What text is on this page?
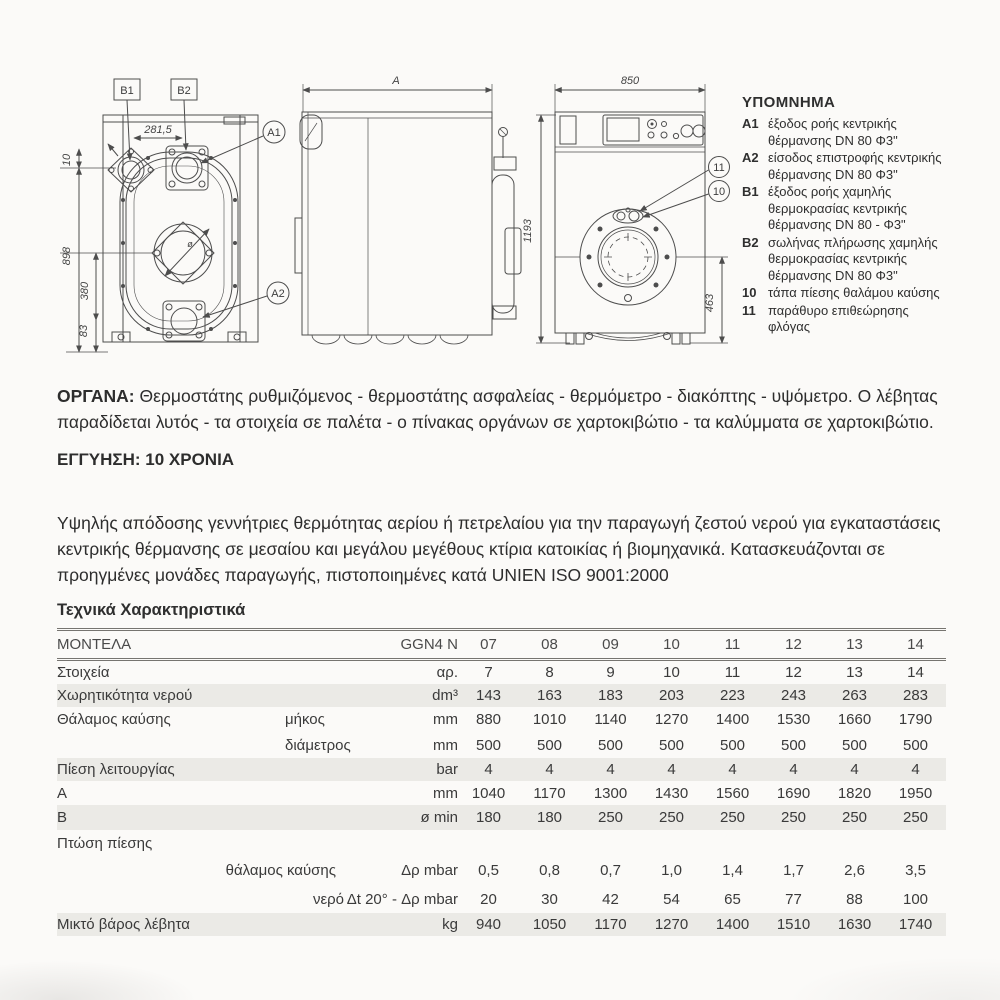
B1	B2
A1
A2
11
10
281,5
ø
10
898
380
83
A
1193
850
463
ΥΠΟΜΝΗΜΑ
A1 έξοδος ροής κεντρικής θέρμανσης DN 80 Φ3"
A2 είσοδος επιστροφής κεντρικής θέρμανσης DN 80 Φ3"
B1 έξοδος ροής χαμηλής θερμοκρασίας κεντρικής θέρμανσης DN 80 - Φ3"
B2 σωλήνας πλήρωσης χαμηλής θερμοκρασίας κεντρικής θέρμανσης DN 80 Φ3"
10 τάπα πίεσης θαλάμου καύσης
11 παράθυρο επιθεώρησης φλόγας

ΟΡΓΑΝΑ: Θερμοστάτης ρυθμιζόμενος - θερμοστάτης ασφαλείας - θερμόμετρο - διακόπτης - υψόμετρο. Ο λέβητας παραδίδεται λυτός - τα στοιχεία σε παλέτα - ο πίνακας οργάνων σε χαρτοκιβώτιο - τα καλύμματα σε χαρτοκιβώτιο.

ΕΓΓΥΗΣΗ: 10 ΧΡΟΝΙΑ

Υψηλής απόδοσης γεννήτριες θερμότητας αερίου ή πετρελαίου για την παραγωγή ζεστού νερού για εγκαταστάσεις κεντρικής θέρμανσης σε μεσαίου και μεγάλου μεγέθους κτίρια κατοικίας ή βιομηχανικά. Κατασκευάζονται σε προηγμένες μονάδες παραγωγής, πιστοποιημένες κατά UNIEN ISO 9001:2000

Τεχνικά Χαρακτηριστικά
ΜΟΝΤΕΛΑ	GGN4 N	07	08	09	10	11	12	13	14
Στοιχεία	αρ.	7	8	9	10	11	12	13	14
Χωρητικότητα νερού	dm³	143	163	183	203	223	243	263	283
Θάλαμος καύσης	μήκος	mm	880	1010	1140	1270	1400	1530	1660	1790
διάμετρος	mm	500	500	500	500	500	500	500	500
Πίεση λειτουργίας	bar	4	4	4	4	4	4	4	4
A	mm 1040	1170	1300	1430	1560	1690	1820	1950
B	ø min	180	180	250	250	250	250	250	250
Πτώση πίεσης
θάλαμος καύσης	Δρ mbar	0,5	0,8	0,7	1,0	1,4	1,7	2,6	3,5
νερό Δt 20° - Δρ mbar	20	30	42	54	65	77	88	100
Μικτό βάρος λέβητα	kg	940	1050	1170	1270	1400	1510	1630	1740
